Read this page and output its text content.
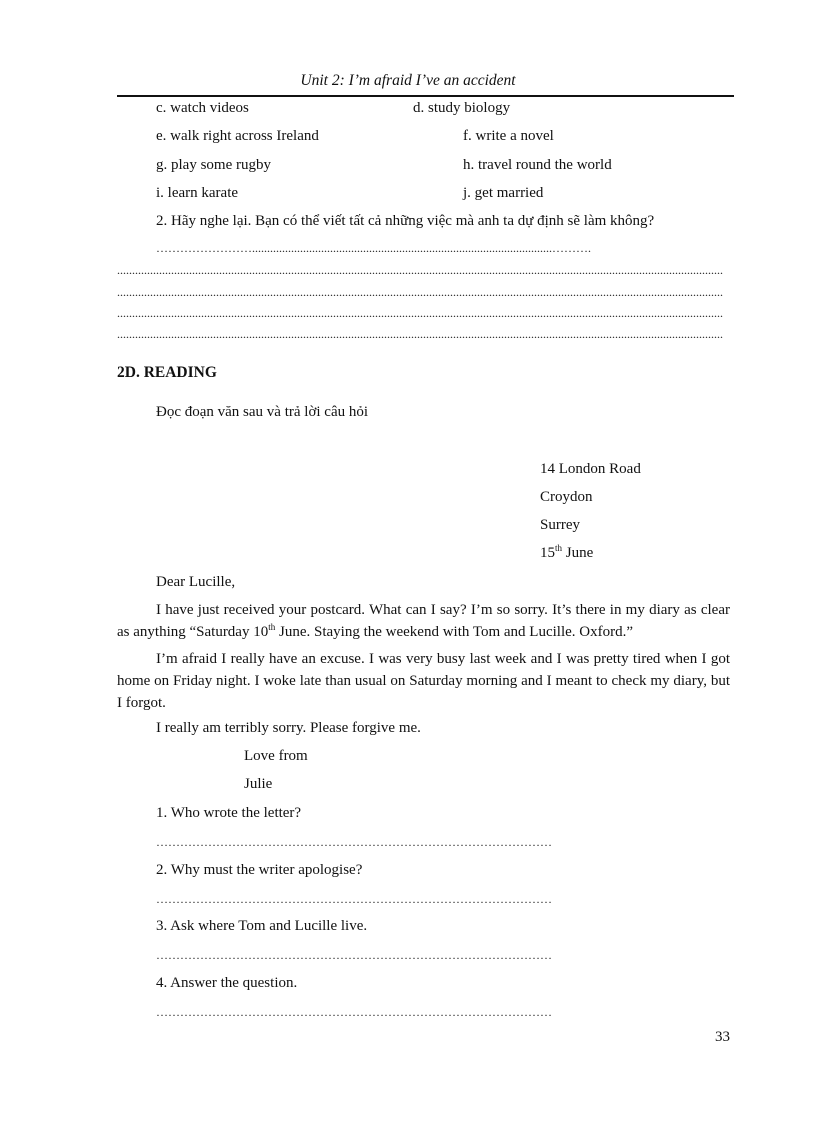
Unit 2: I’m afraid I’ve an accident
c. watch videos	d. study biology
e. walk right across Ireland	f. write a novel
g. play some rugby	h. travel round the world
i. learn karate	j. get married
2. Hãy nghe lại. Bạn có thể viết tất cả những việc mà anh ta dự định sẽ làm không?
……………………....................................................................................................……….
..........................................................................................................................................................................................................
..........................................................................................................................................................................................................
..........................................................................................................................................................................................................
..........................................................................................................................................................................................................
2D. READING
Đọc đoạn văn sau và trả lời câu hỏi
14 London Road
Croydon
Surrey
15th June
Dear Lucille,
I have just received your postcard. What can I say? I’m so sorry. It’s there in my diary as clear as anything “Saturday 10th June. Staying the weekend with Tom and Lucille. Oxford.”
I’m afraid I really have an excuse. I was very busy last week and I was pretty tired when I got home on Friday night. I woke late than usual on Saturday morning and I meant to check my diary, but I forgot.
I really am terribly sorry. Please forgive me.
Love from
Julie
1. Who wrote the letter?
………………………………………………………………………………………
2. Why must the writer apologise?
………………………………………………………………………………………
3. Ask where Tom and Lucille live.
………………………………………………………………………………………
4. Answer the question.
………………………………………………………………………………………
33
